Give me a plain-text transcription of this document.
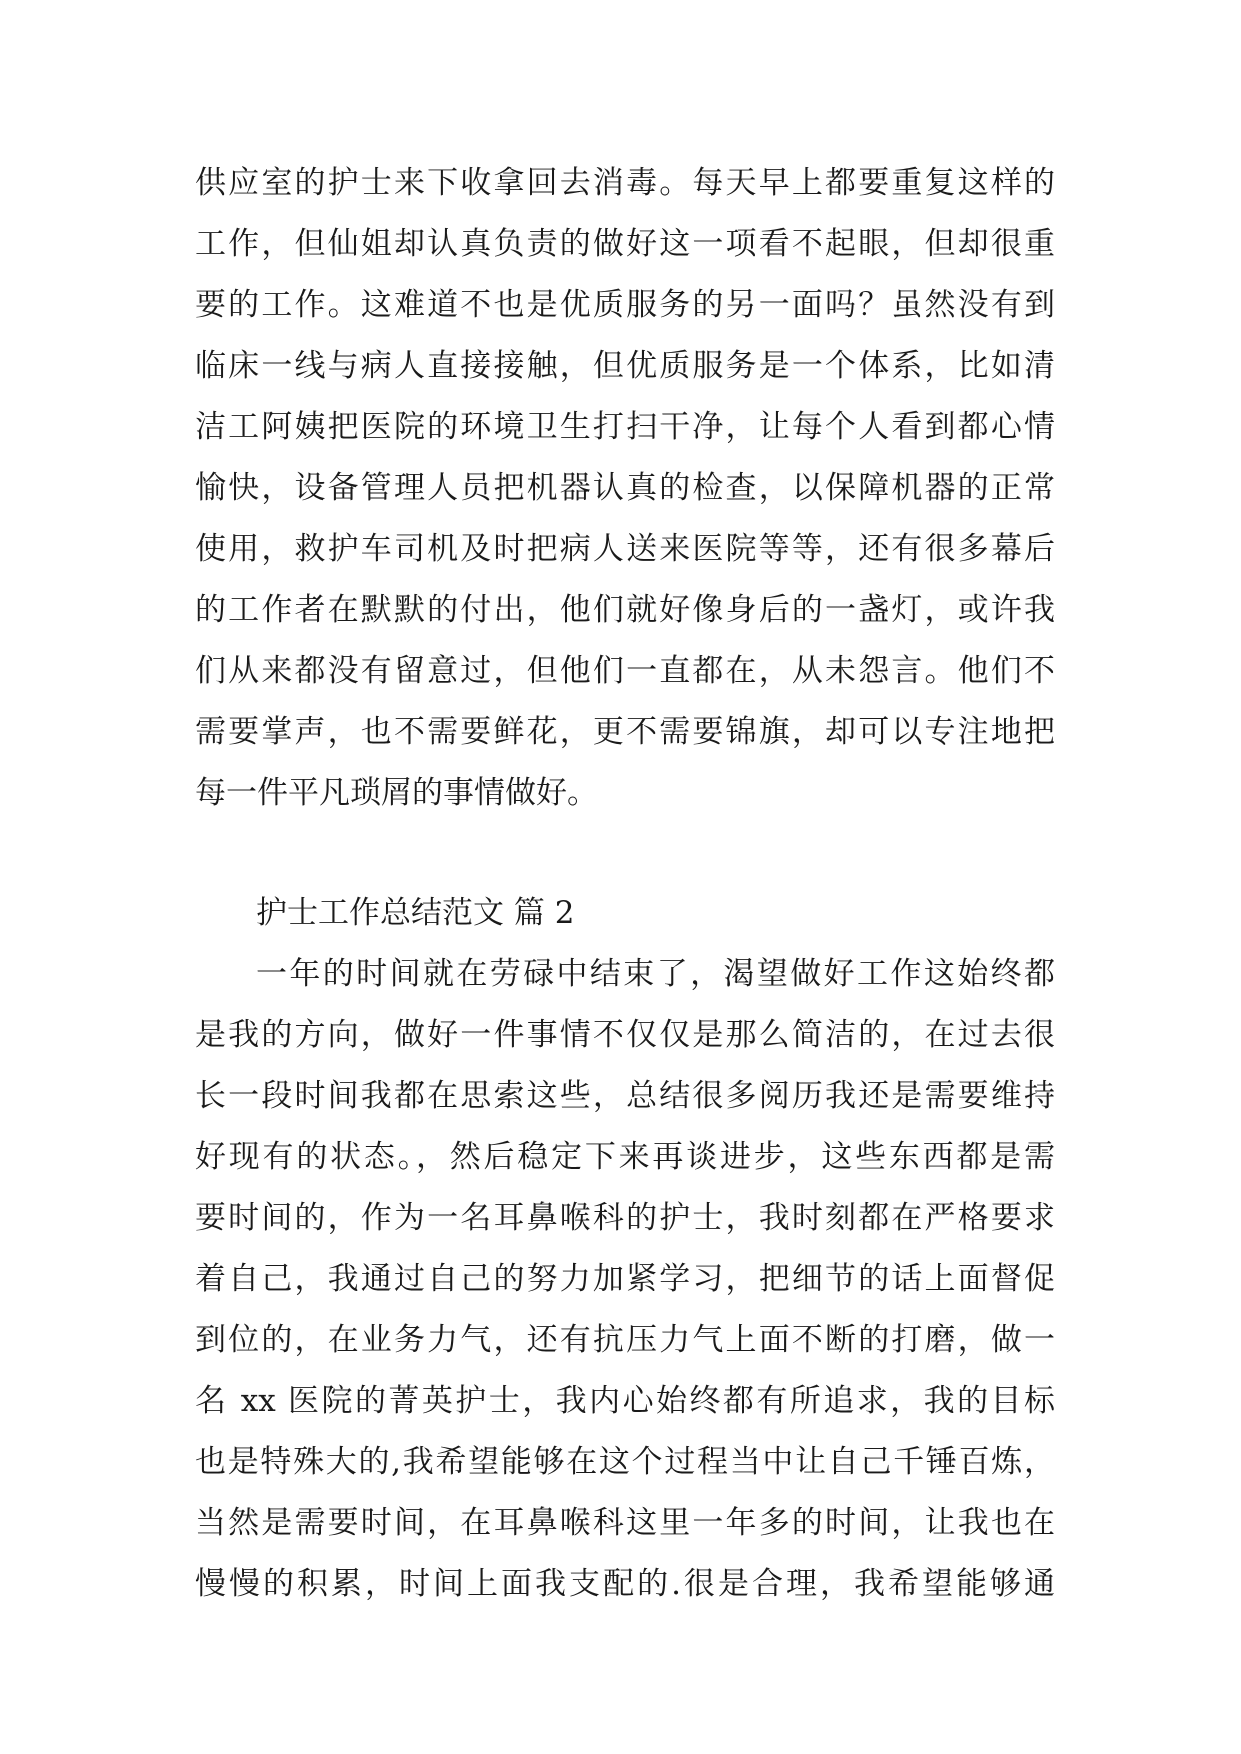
供应室的护士来下收拿回去消毒。每天早上都要重复这样的
工作，但仙姐却认真负责的做好这一项看不起眼，但却很重
要的工作。这难道不也是优质服务的另一面吗？虽然没有到
临床一线与病人直接接触，但优质服务是一个体系，比如清
洁工阿姨把医院的环境卫生打扫干净，让每个人看到都心情
愉快，设备管理人员把机器认真的检查，以保障机器的正常
使用，救护车司机及时把病人送来医院等等，还有很多幕后
的工作者在默默的付出，他们就好像身后的一盏灯，或许我
们从来都没有留意过，但他们一直都在，从未怨言。他们不
需要掌声，也不需要鲜花，更不需要锦旗，却可以专注地把
每一件平凡琐屑的事情做好。
护士工作总结范文 篇 2
一年的时间就在劳碌中结束了，渴望做好工作这始终都
是我的方向，做好一件事情不仅仅是那么简洁的，在过去很
长一段时间我都在思索这些，总结很多阅历我还是需要维持
好现有的状态。，然后稳定下来再谈进步，这些东西都是需
要时间的，作为一名耳鼻喉科的护士，我时刻都在严格要求
着自己，我通过自己的努力加紧学习，把细节的话上面督促
到位的，在业务力气，还有抗压力气上面不断的打磨，做一
名 xx 医院的菁英护士，我内心始终都有所追求，我的目标
也是特殊大的,我希望能够在这个过程当中让自己千锤百炼，
当然是需要时间，在耳鼻喉科这里一年多的时间，让我也在
慢慢的积累，时间上面我支配的.很是合理，我希望能够通
